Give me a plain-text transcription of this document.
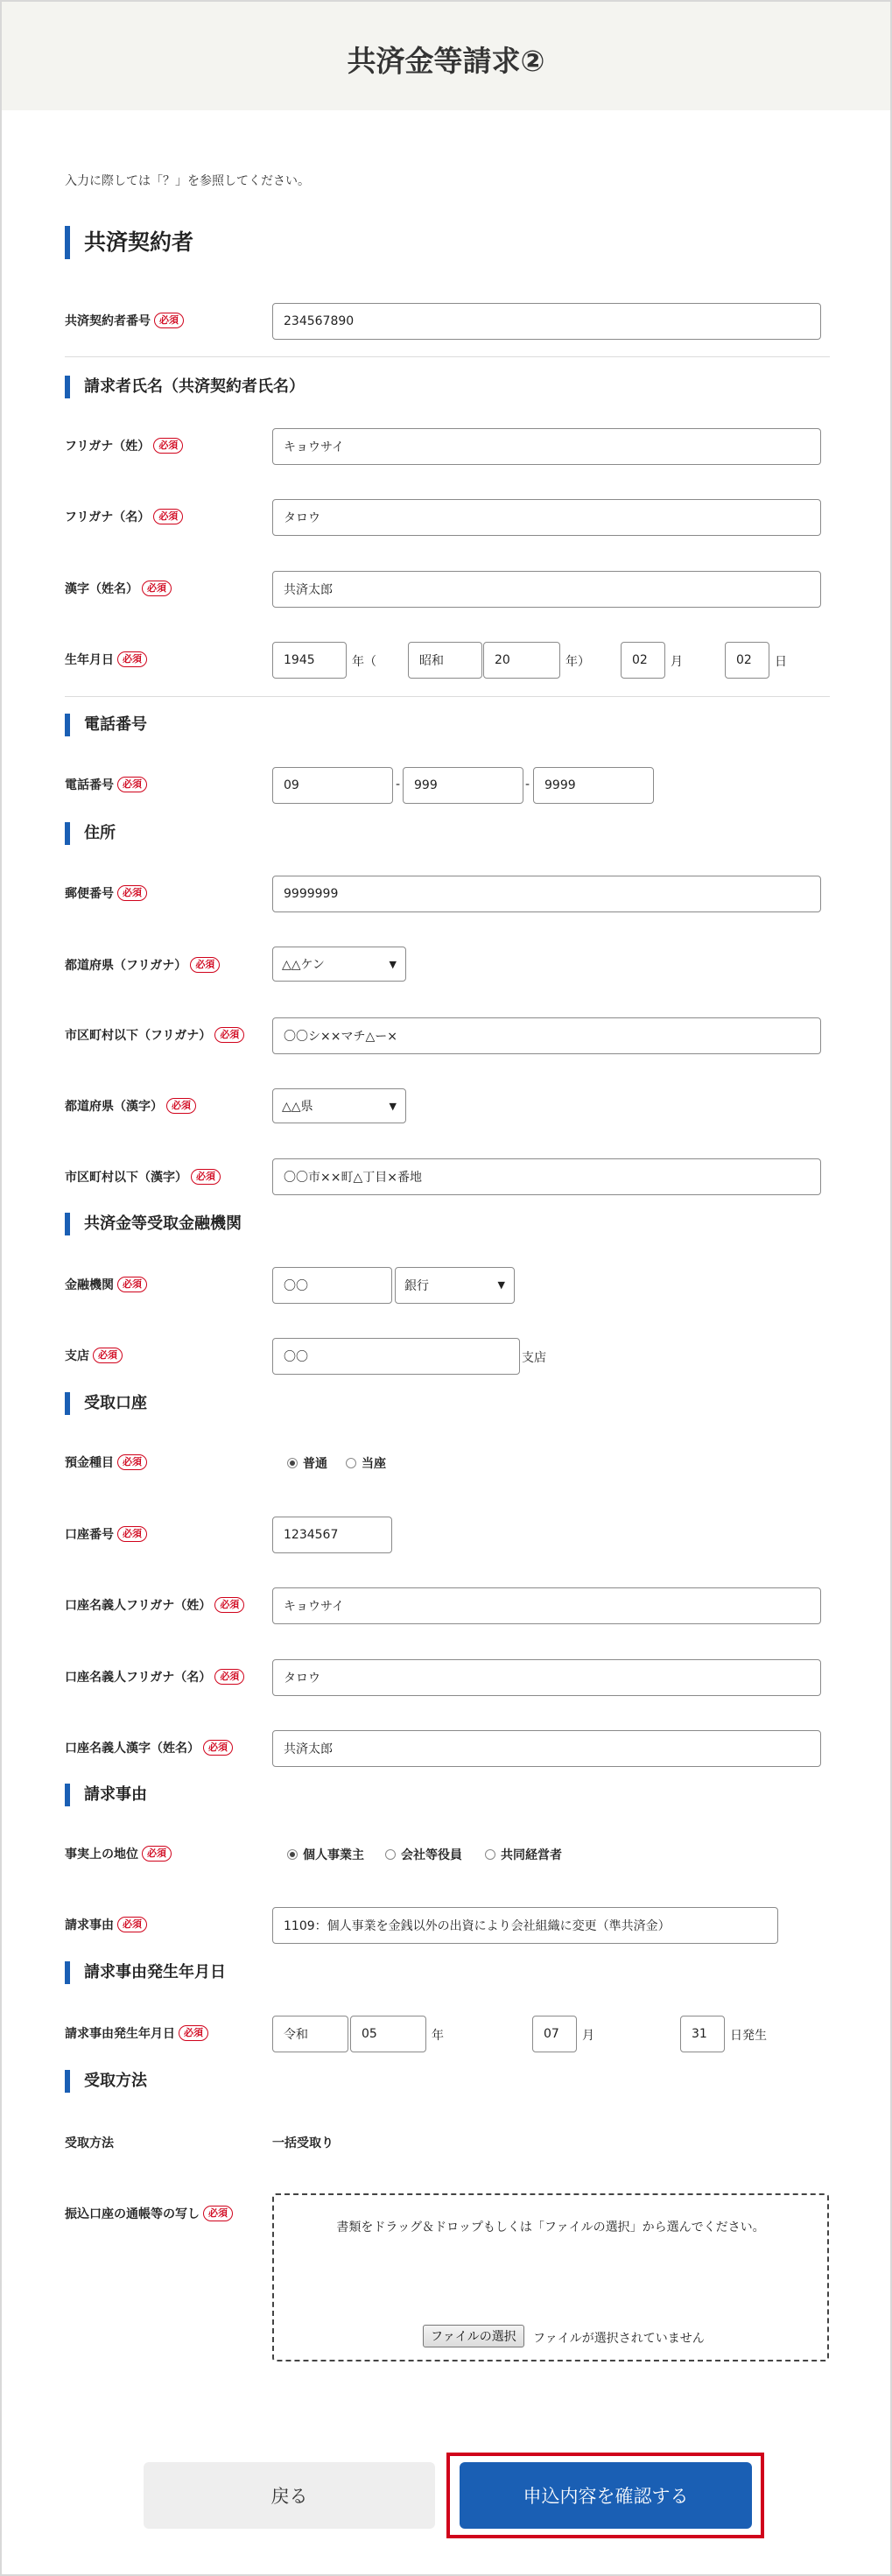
共済金等請求②
入力に際しては「？」を参照してください。
共済契約者
共済契約者番号 必須	234567890
請求者氏名（共済契約者氏名）
フリガナ（姓） 必須	キョウサイ
フリガナ（名） 必須	タロウ
漢字（姓名） 必須	共済太郎
生年月日 必須	1945	年（	昭和	20	年）	02	月	02	日
電話番号
電話番号 必須	09	-	999	-	9999
住所
郵便番号 必須	9999999
都道府県（フリガナ） 必須	△△ケン	▼
市区町村以下（フリガナ） 必須	〇〇シ××マチ△ー×
都道府県（漢字） 必須	△△県	▼
市区町村以下（漢字） 必須	〇〇市××町△丁目×番地
共済金等受取金融機関
金融機関 必須	〇〇	銀行	▼
支店 必須	〇〇	支店
受取口座
預金種目 必須	普通	当座
口座番号 必須	1234567
口座名義人フリガナ（姓） 必須	キョウサイ
口座名義人フリガナ（名） 必須	タロウ
口座名義人漢字（姓名） 必須	共済太郎
請求事由
事実上の地位 必須	個人事業主	会社等役員	共同経営者
請求事由 必須	1109：個人事業を金銭以外の出資により会社組織に変更（準共済金）
請求事由発生年月日
請求事由発生年月日 必須	令和	05	年	07	月	31	日発生
受取方法
受取方法	一括受取り
振込口座の通帳等の写し 必須
書類をドラッグ＆ドロップもしくは「ファイルの選択」から選んでください。
ファイルの選択	ファイルが選択されていません
戻る	申込内容を確認する
